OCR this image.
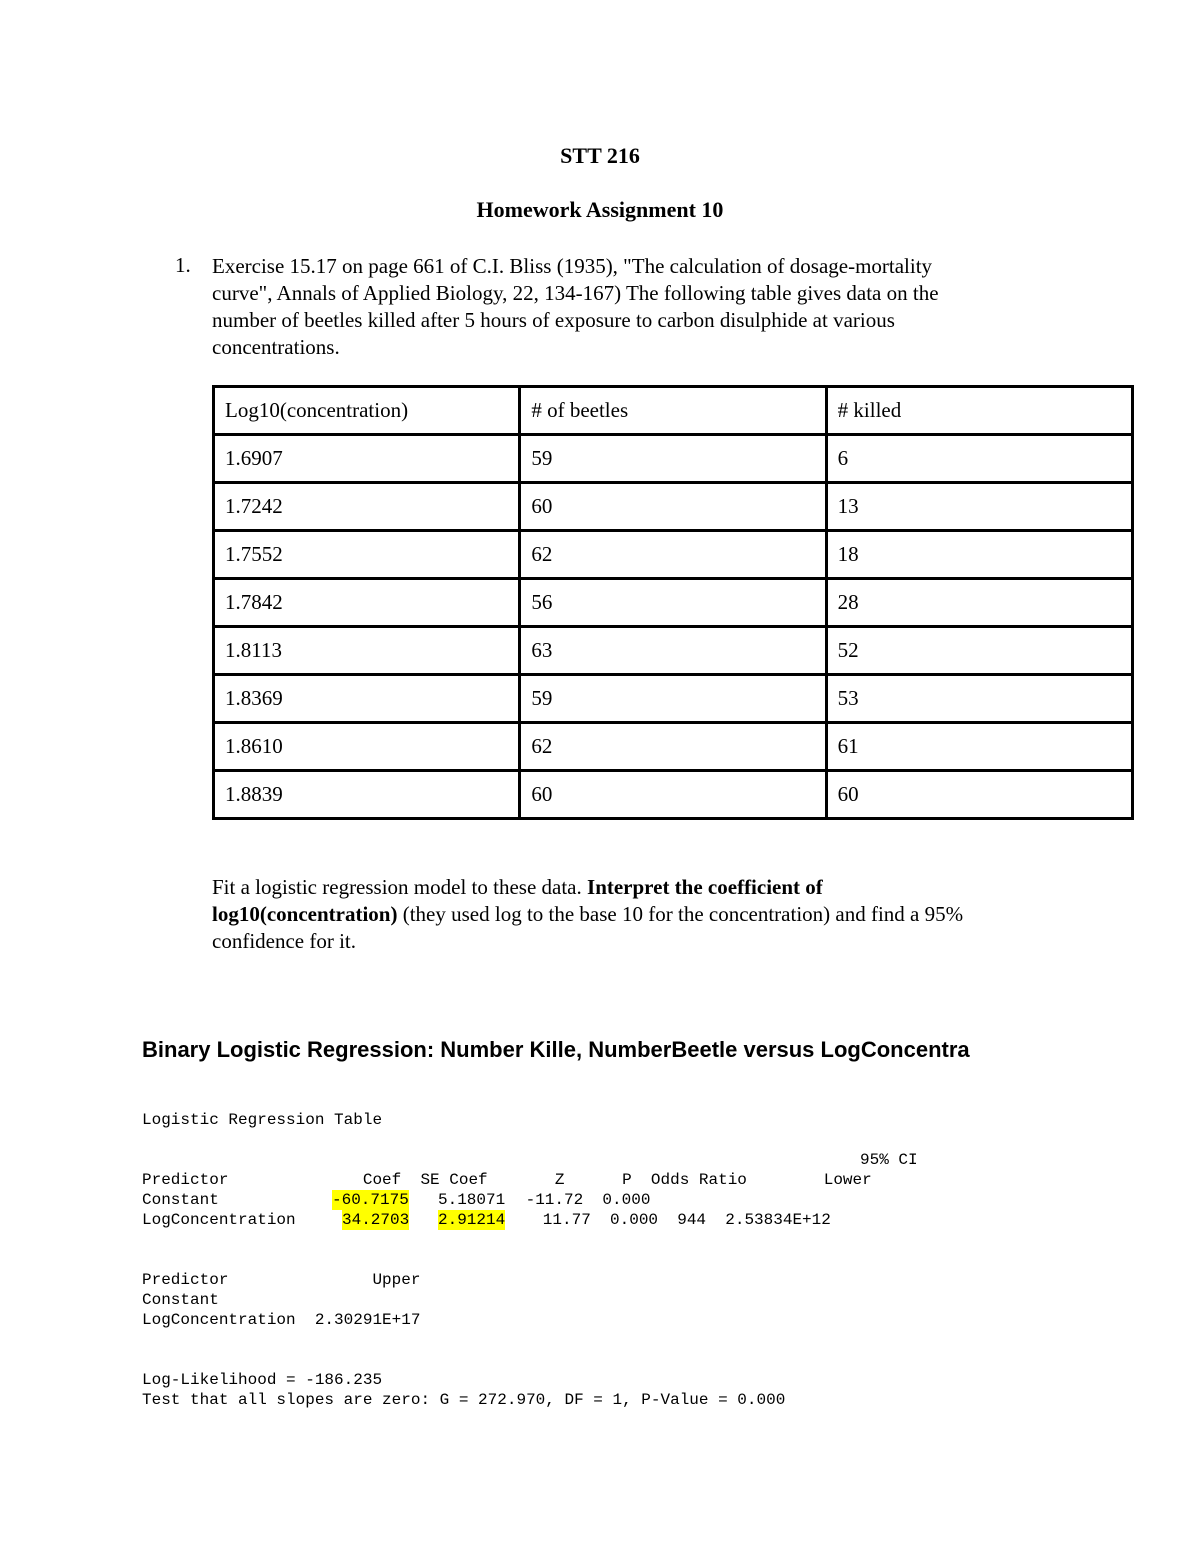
STT 216
Homework Assignment 10
1. Exercise 15.17 on page 661 of C.I. Bliss (1935), "The calculation of dosage-mortality
curve", Annals of Applied Biology, 22, 134-167) The following table gives data on the
number of beetles killed after 5 hours of exposure to carbon disulphide at various
concentrations.
Log10(concentration)	# of beetles	# killed
1.6907	59	6
1.7242	60	13
1.7552	62	18
1.7842	56	28
1.8113	63	52
1.8369	59	53
1.8610	62	61
1.8839	60	60
Fit a logistic regression model to these data. Interpret the coefficient of
log10(concentration) (they used log to the base 10 for the concentration) and find a 95%
confidence for it.
Binary Logistic Regression: Number Kille, NumberBeetle versus LogConcentra
Logistic Regression Table
95% CI
Predictor              Coef  SE Coef       Z      P  Odds Ratio        Lower
Constant	-60.7175 5.18071 -11.72  0.000
LogConcentration	34.2703 2.91214 11.77  0.000  944  2.53834E+12
Predictor               Upper
Constant
LogConcentration  2.30291E+17
Log-Likelihood = -186.235
Test that all slopes are zero: G = 272.970, DF = 1, P-Value = 0.000
